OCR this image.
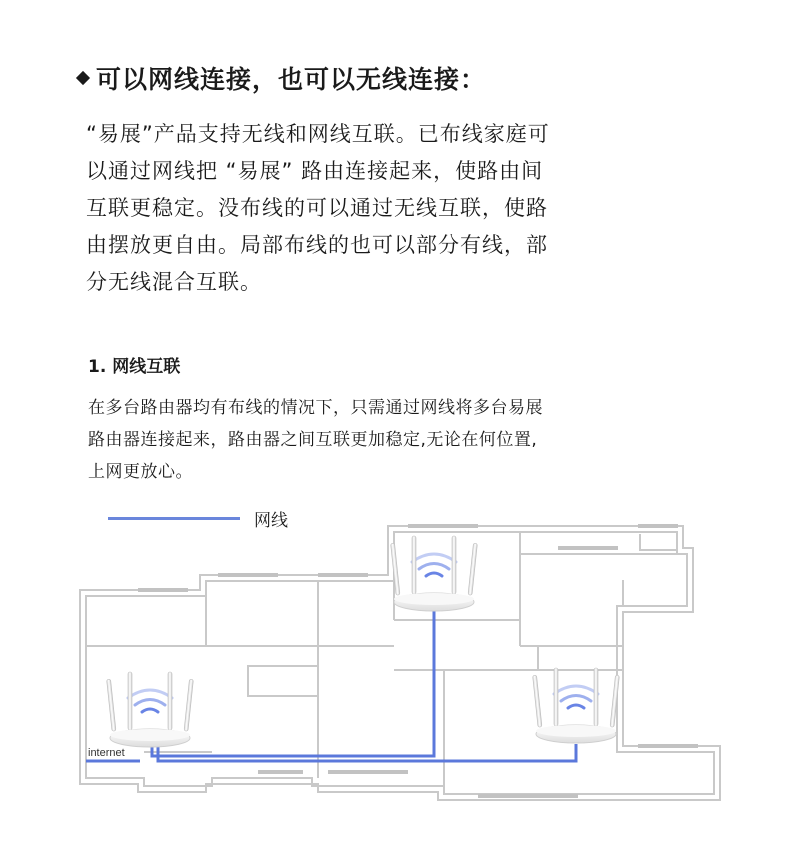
可以网线连接，也可以无线连接：
“易展”产品支持无线和网线互联。已布线家庭可
以通过网线把 “易展” 路由连接起来，使路由间
互联更稳定。没布线的可以通过无线互联，使路
由摆放更自由。局部布线的也可以部分有线，部
分无线混合互联。
1. 网线互联
在多台路由器均有布线的情况下，只需通过网线将多台易展
路由器连接起来，路由器之间互联更加稳定,无论在何位置,
上网更放心。
网线
internet
